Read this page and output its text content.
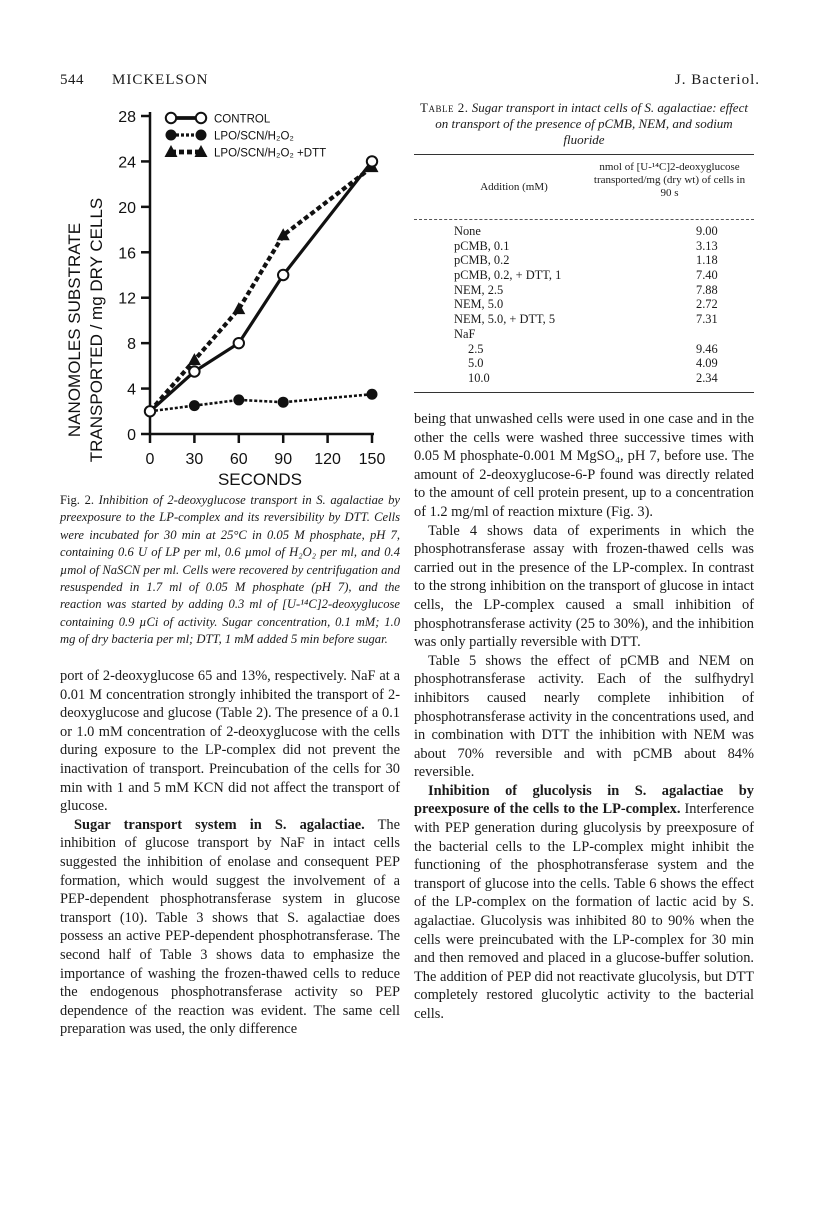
544 MICKELSON	J. Bacteriol.
0
4
8
12
16
20
24
28
0 30 60 90 120 150
CONTROL
LPO/SCN/H₂O₂
LPO/SCN/H₂O₂ +DTT
NANOMOLES SUBSTRATE TRANSPORTED / mg DRY CELLS
SECONDS
Fig. 2. Inhibition of 2-deoxyglucose transport in S. agalactiae by preexposure to the LP-complex and its reversibility by DTT. Cells were incubated for 30 min at 25°C in 0.05 M phosphate, pH 7, containing 0.6 U of LP per ml, 0.6 µmol of H₂O₂ per ml, and 0.4 µmol of NaSCN per ml. Cells were recovered by centrifugation and resuspended in 1.7 ml of 0.05 M phosphate (pH 7), and the reaction was started by adding 0.3 ml of [U-¹⁴C]2-deoxyglucose containing 0.9 µCi of activity. Sugar concentration, 0.1 mM; 1.0 mg of dry bacteria per ml; DTT, 1 mM added 5 min before sugar.

port of 2-deoxyglucose 65 and 13%, respectively. NaF at a 0.01 M concentration strongly inhibited the transport of 2-deoxyglucose and glucose (Table 2). The presence of a 0.1 or 1.0 mM concentration of 2-deoxyglucose with the cells during exposure to the LP-complex did not prevent the inactivation of transport. Preincubation of the cells for 30 min with 1 and 5 mM KCN did not affect the transport of glucose.

Sugar transport system in S. agalactiae. The inhibition of glucose transport by NaF in intact cells suggested the inhibition of enolase and consequent PEP formation, which would suggest the involvement of a PEP-dependent phosphotransferase system in glucose transport (10). Table 3 shows that S. agalactiae does possess an active PEP-dependent phosphotransferase. The second half of Table 3 shows data to emphasize the importance of washing the frozen-thawed cells to reduce the endogenous phosphotransferase activity so PEP dependence of the reaction was evident. The same cell preparation was used, the only difference

Table 2. Sugar transport in intact cells of S. agalactiae: effect on transport of the presence of pCMB, NEM, and sodium fluoride
Addition (mM)
nmol of [U-¹⁴C]2-deoxyglucose transported/mg (dry wt) of cells in 90 s
None	9.00
pCMB, 0.1	3.13
pCMB, 0.2	1.18
pCMB, 0.2, + DTT, 1	7.40
NEM, 2.5	7.88
NEM, 5.0	2.72
NEM, 5.0, + DTT, 5	7.31
NaF
2.5	9.46
5.0	4.09
10.0	2.34

being that unwashed cells were used in one case and in the other the cells were washed three successive times with 0.05 M phosphate-0.001 M MgSO₄, pH 7, before use. The amount of 2-deoxyglucose-6-P found was directly related to the amount of cell protein present, up to a concentration of 1.2 mg/ml of reaction mixture (Fig. 3).

Table 4 shows data of experiments in which the phosphotransferase assay with frozen-thawed cells was carried out in the presence of the LP-complex. In contrast to the strong inhibition on the transport of glucose in intact cells, the LP-complex caused a small inhibition of phosphotransferase activity (25 to 30%), and the inhibition was only partially reversible with DTT.

Table 5 shows the effect of pCMB and NEM on phosphotransferase activity. Each of the sulfhydryl inhibitors caused nearly complete inhibition of phosphotransferase activity in the concentrations used, and in combination with DTT the inhibition with NEM was about 70% reversible and with pCMB about 84% reversible.

Inhibition of glucolysis in S. agalactiae by preexposure of the cells to the LP-complex. Interference with PEP generation during glucolysis by preexposure of the bacterial cells to the LP-complex might inhibit the functioning of the phosphotransferase system and the transport of glucose into the cells. Table 6 shows the effect of the LP-complex on the formation of lactic acid by S. agalactiae. Glucolysis was inhibited 80 to 90% when the cells were preincubated with the LP-complex for 30 min and then removed and placed in a glucose-buffer solution. The addition of PEP did not reactivate glucolysis, but DTT completely restored glucolytic activity to the bacterial cells.
